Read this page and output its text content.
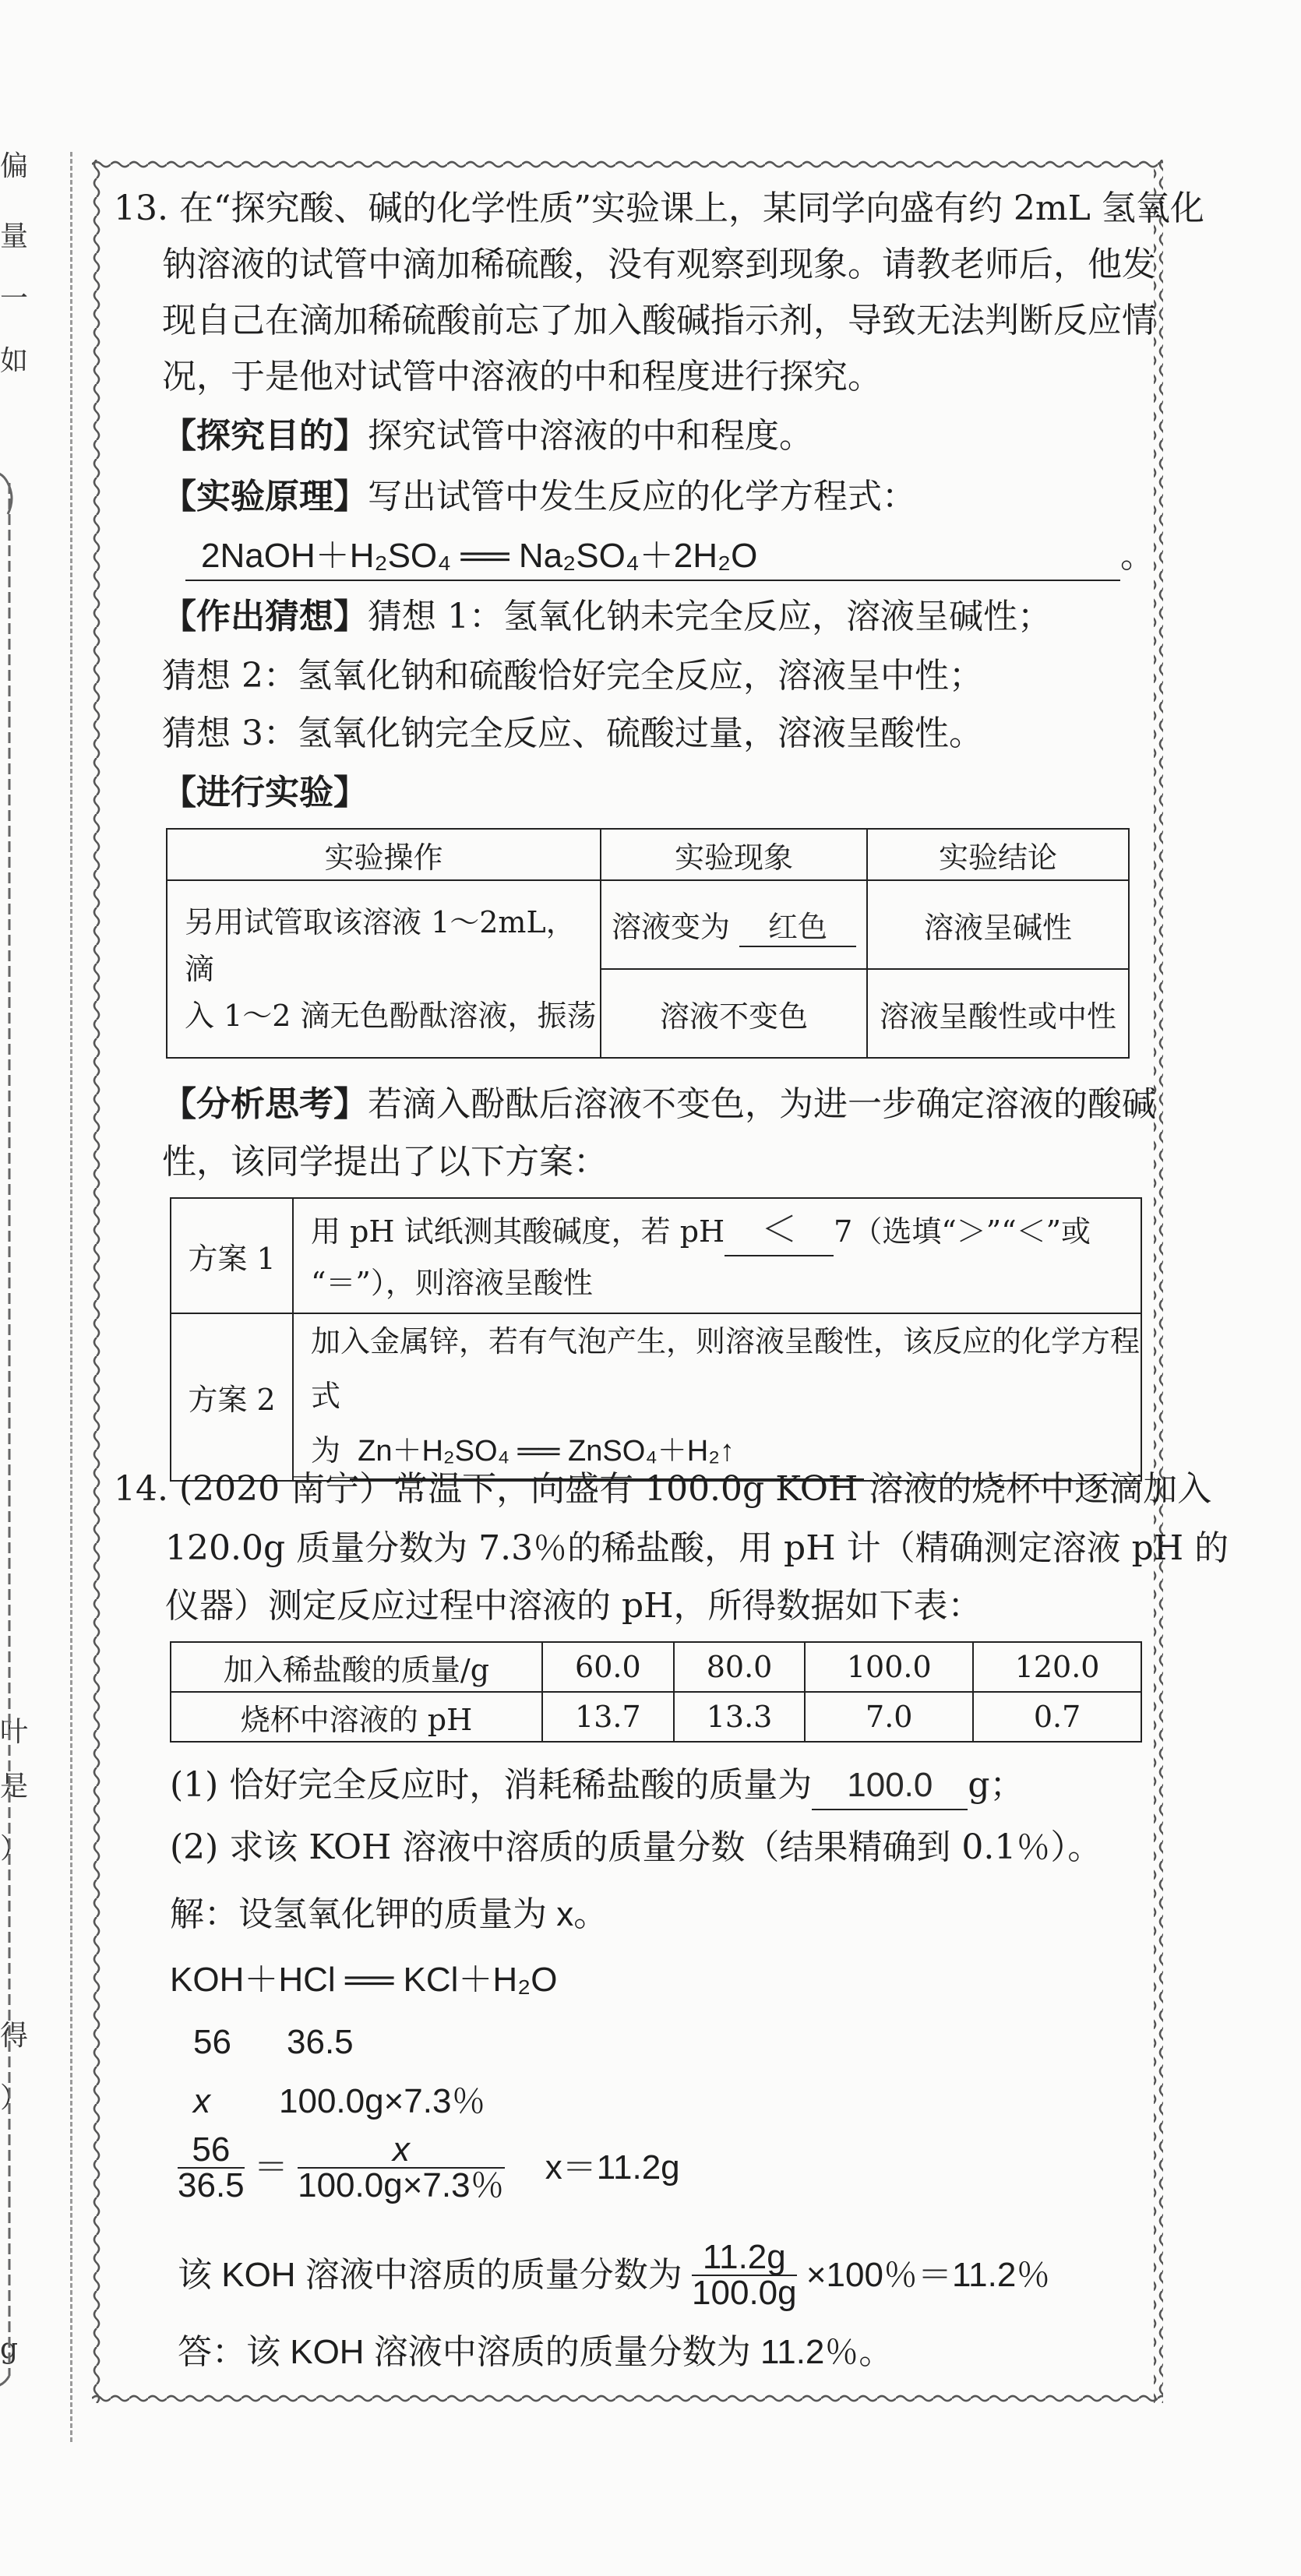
偏
量
一
如
叶
是
）
得
）
g
13. 在“探究酸、碱的化学性质”实验课上，某同学向盛有约 2mL 氢氧化
钠溶液的试管中滴加稀硫酸，没有观察到现象。请教老师后，他发
现自己在滴加稀硫酸前忘了加入酸碱指示剂，导致无法判断反应情
况，于是他对试管中溶液的中和程度进行探究。
【探究目的】探究试管中溶液的中和程度。
【实验原理】写出试管中发生反应的化学方程式：
2NaOH＋H₂SO₄ ══ Na₂SO₄＋2H₂O	。
【作出猜想】猜想 1：氢氧化钠未完全反应，溶液呈碱性；
猜想 2：氢氧化钠和硫酸恰好完全反应，溶液呈中性；
猜想 3：氢氧化钠完全反应、硫酸过量，溶液呈酸性。
【进行实验】
实验操作	实验现象	实验结论

另用试管取该溶液 1～2mL，滴
入 1～2 滴无色酚酞溶液，振荡	溶液变为 红色	溶液呈碱性
	溶液不变色	溶液呈酸性或中性
【分析思考】若滴入酚酞后溶液不变色，为进一步确定溶液的酸碱
性，该同学提出了以下方案：
方案 1	用 pH 试纸测其酸碱度，若 pH ＜ 7（选填“＞”“＜”或
“＝”），则溶液呈酸性

方案 2	加入金属锌，若有气泡产生，则溶液呈酸性，该反应的化学方程式
为 Zn＋H₂SO₄ ══ ZnSO₄＋H₂↑
14. (2020 南宁）常温下，向盛有 100.0g KOH 溶液的烧杯中逐滴加入
120.0g 质量分数为 7.3％的稀盐酸，用 pH 计（精确测定溶液 pH 的
仪器）测定反应过程中溶液的 pH，所得数据如下表：
加入稀盐酸的质量/g	60.0	80.0	100.0	120.0
烧杯中溶液的 pH	13.7	13.3	7.0	0.7
(1) 恰好完全反应时，消耗稀盐酸的质量为 100.0 g；
(2) 求该 KOH 溶液中溶质的质量分数（结果精确到 0.1％）。
解：设氢氧化钾的质量为 x。
KOH＋HCl ══ KCl＋H₂O
56 36.5
x 100.0g×7.3％
$\frac{56}{36.5} = \frac{x}{100.0g\times 7.3\%} x=11.2g$
该 KOH 溶液中溶质的质量分数为 $\frac{11.2g}{100.0g} \times 100$％＝11.2％
答：该 KOH 溶液中溶质的质量分数为 11.2％。
